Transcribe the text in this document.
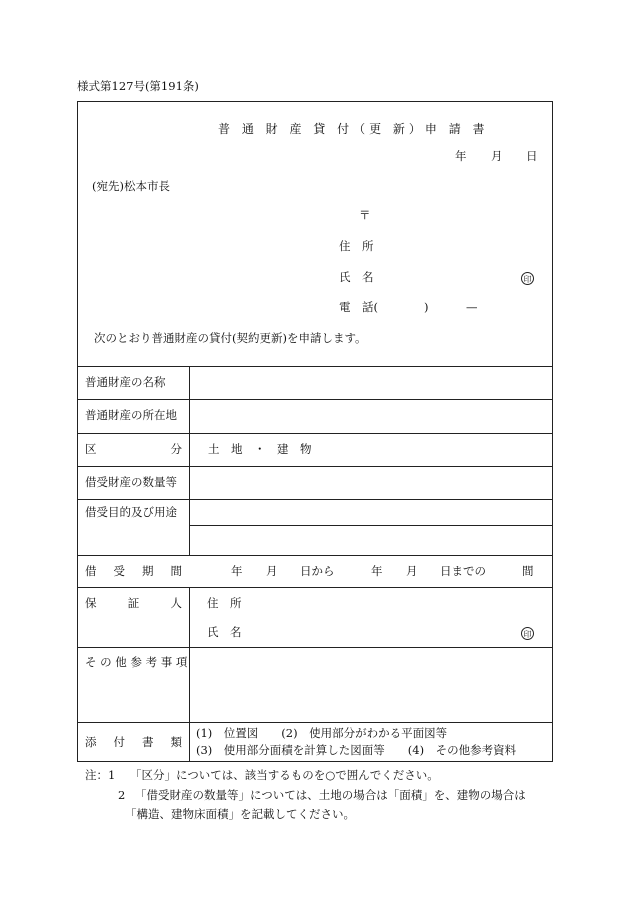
様式第127号(第191条)
普 通 財 産 貸 付（更 新）申 請 書
年 月 日
(宛先)松本市長
〒
住　所
氏　名	印
電　話(	)	—
次のとおり普通財産の貸付(契約更新)を申請します。
普通財産の名称
普通財産の所在地
区	分 土　地　・　建　物
借受財産の数量等
借受目的及び用途
借 受 期 間	年 月 日から	年 月 日までの	間
保	証	人 住　所
氏　名	印
そ の 他 参 考 事 項
添 付 書 類
(1)　位置図　　(2)　使用部分がわかる平面図等
(3)　使用部分面積を計算した図面等　　(4)　その他参考資料
注：1 「区分」については、該当するものを○で囲んでください。
2 「借受財産の数量等」については、土地の場合は「面積」を、建物の場合は
「構造、建物床面積」を記載してください。
